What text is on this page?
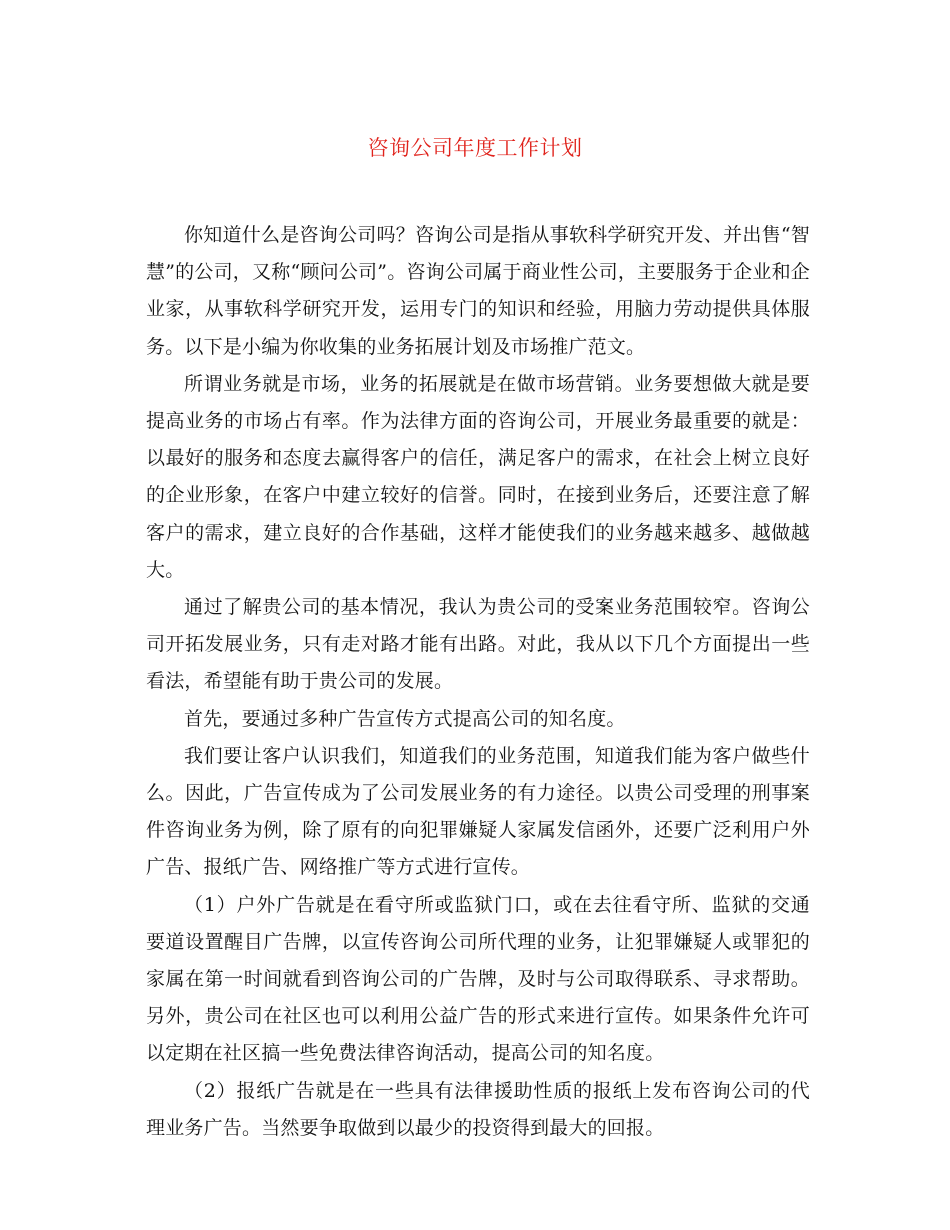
咨询公司年度工作计划

你知道什么是咨询公司吗？咨询公司是指从事软科学研究开发、并出售“智慧”的公司，又称“顾问公司”。咨询公司属于商业性公司，主要服务于企业和企业家，从事软科学研究开发，运用专门的知识和经验，用脑力劳动提供具体服务。以下是小编为你收集的业务拓展计划及市场推广范文。

所谓业务就是市场，业务的拓展就是在做市场营销。业务要想做大就是要提高业务的市场占有率。作为法律方面的咨询公司，开展业务最重要的就是：以最好的服务和态度去赢得客户的信任，满足客户的需求，在社会上树立良好的企业形象，在客户中建立较好的信誉。同时，在接到业务后，还要注意了解客户的需求，建立良好的合作基础，这样才能使我们的业务越来越多、越做越大。

通过了解贵公司的基本情况，我认为贵公司的受案业务范围较窄。咨询公司开拓发展业务，只有走对路才能有出路。对此，我从以下几个方面提出一些看法，希望能有助于贵公司的发展。

首先，要通过多种广告宣传方式提高公司的知名度。

我们要让客户认识我们，知道我们的业务范围，知道我们能为客户做些什么。因此，广告宣传成为了公司发展业务的有力途径。以贵公司受理的刑事案件咨询业务为例，除了原有的向犯罪嫌疑人家属发信函外，还要广泛利用户外广告、报纸广告、网络推广等方式进行宣传。

（1）户外广告就是在看守所或监狱门口，或在去往看守所、监狱的交通要道设置醒目广告牌，以宣传咨询公司所代理的业务，让犯罪嫌疑人或罪犯的家属在第一时间就看到咨询公司的广告牌，及时与公司取得联系、寻求帮助。另外，贵公司在社区也可以利用公益广告的形式来进行宣传。如果条件允许可以定期在社区搞一些免费法律咨询活动，提高公司的知名度。

（2）报纸广告就是在一些具有法律援助性质的报纸上发布咨询公司的代理业务广告。当然要争取做到以最少的投资得到最大的回报。
